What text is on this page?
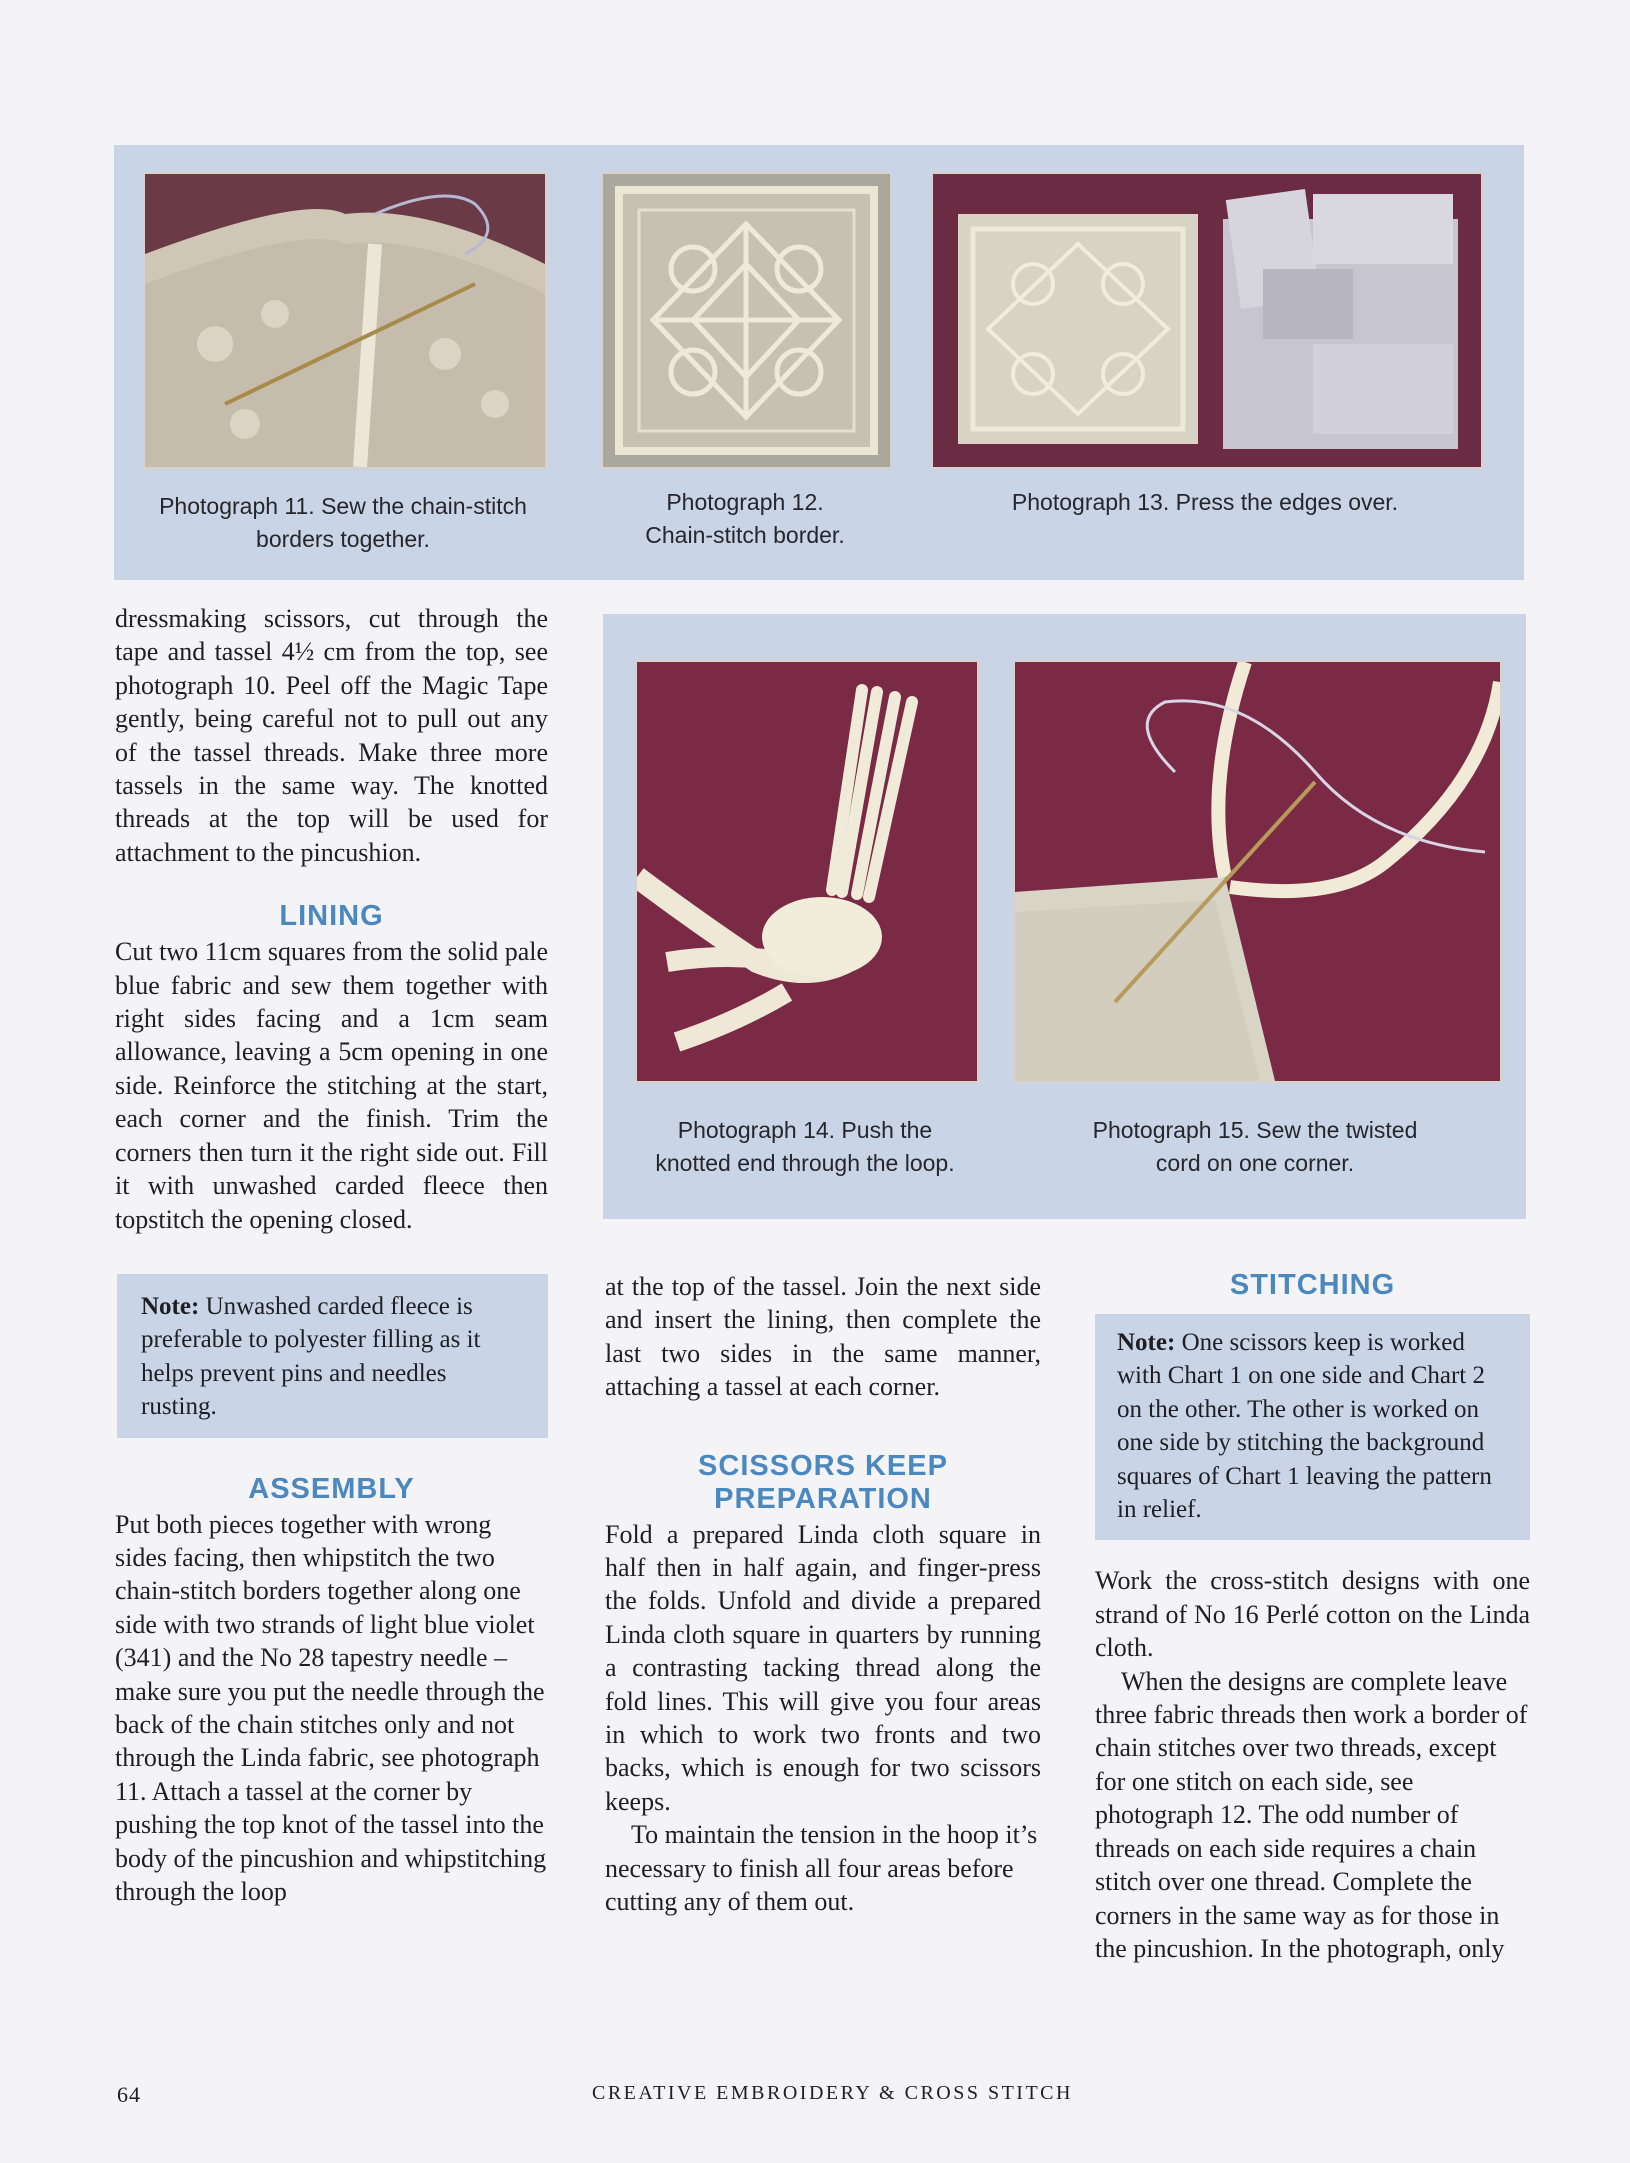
Photograph 11. Sew the chain-stitch
borders together.
Photograph 12.
Chain-stitch border.
Photograph 13. Press the edges over.
Photograph 14. Push the
knotted end through the loop.
Photograph 15. Sew the twisted
cord on one corner.

dressmaking scissors, cut through the tape and tassel 4½ cm from the top, see photograph 10. Peel off the Magic Tape gently, being careful not to pull out any of the tassel threads. Make three more tassels in the same way. The knotted threads at the top will be used for attachment to the pincushion.

LINING

Cut two 11cm squares from the solid pale blue fabric and sew them together with right sides facing and a 1cm seam allowance, leaving a 5cm opening in one side. Reinforce the stitching at the start, each corner and the finish. Trim the corners then turn it the right side out. Fill it with unwashed carded fleece then topstitch the opening closed.

Note: Unwashed carded fleece is preferable to polyester filling as it helps prevent pins and needles rusting.
ASSEMBLY

Put both pieces together with wrong sides facing, then whipstitch the two chain-stitch borders together along one side with two strands of light blue violet (341) and the No 28 tapestry needle – make sure you put the needle through the back of the chain stitches only and not through the Linda fabric, see photograph 11. Attach a tassel at the corner by pushing the top knot of the tassel into the body of the pincushion and whipstitching through the loop

at the top of the tassel. Join the next side and insert the lining, then complete the last two sides in the same manner, attaching a tassel at each corner.

SCISSORS KEEP
PREPARATION

Fold a prepared Linda cloth square in half then in half again, and finger-press the folds. Unfold and divide a prepared Linda cloth square in quarters by running a contrasting tacking thread along the fold lines. This will give you four areas in which to work two fronts and two backs, which is enough for two scissors keeps.

To maintain the tension in the hoop it’s necessary to finish all four areas before cutting any of them out.

STITCHING
Note: One scissors keep is worked with Chart 1 on one side and Chart 2 on the other. The other is worked on one side by stitching the background squares of Chart 1 leaving the pattern in relief.

Work the cross-stitch designs with one strand of No 16 Perlé cotton on the Linda cloth.

When the designs are complete leave three fabric threads then work a border of chain stitches over two threads, except for one stitch on each side, see photograph 12. The odd number of threads on each side requires a chain stitch over one thread. Complete the corners in the same way as for those in the pincushion. In the photograph, only

64	CREATIVE EMBROIDERY & CROSS STITCH
